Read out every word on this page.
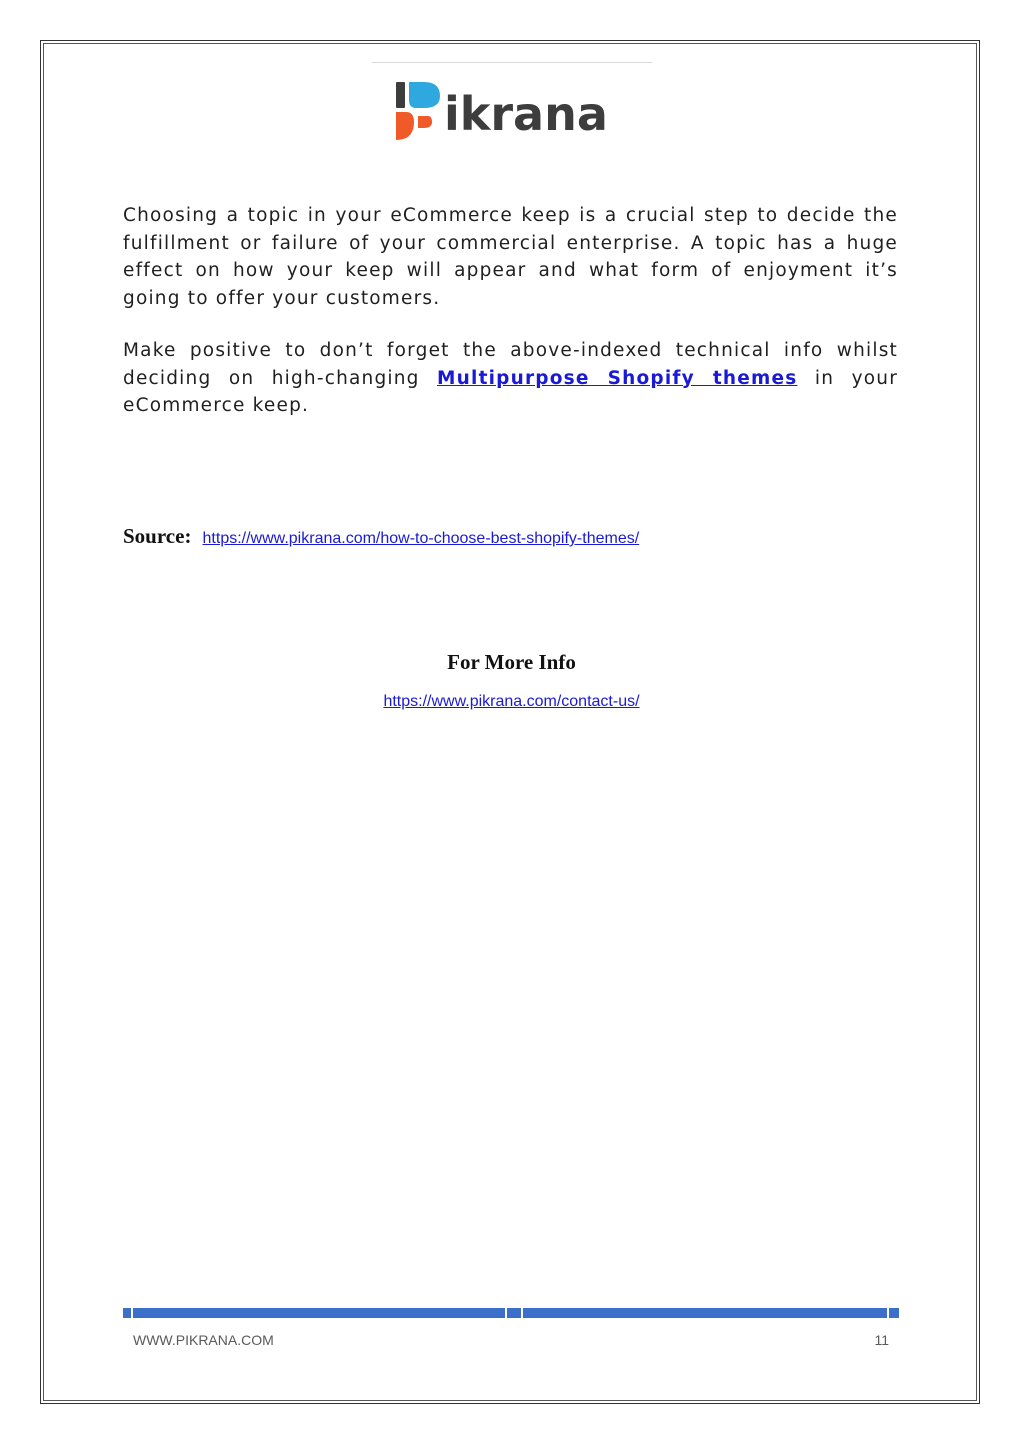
ikrana

Choosing a topic in your eCommerce keep is a crucial step to decide the fulfillment or failure of your commercial enterprise. A topic has a huge effect on how your keep will appear and what form of enjoyment it’s going to offer your customers.

Make positive to don’t forget the above-indexed technical info whilst deciding on high-changing Multipurpose Shopify themes in your eCommerce keep.

Source: https://www.pikrana.com/how-to-choose-best-shopify-themes/
For More Info
https://www.pikrana.com/contact-us/
WWW.PIKRANA.COM	11
